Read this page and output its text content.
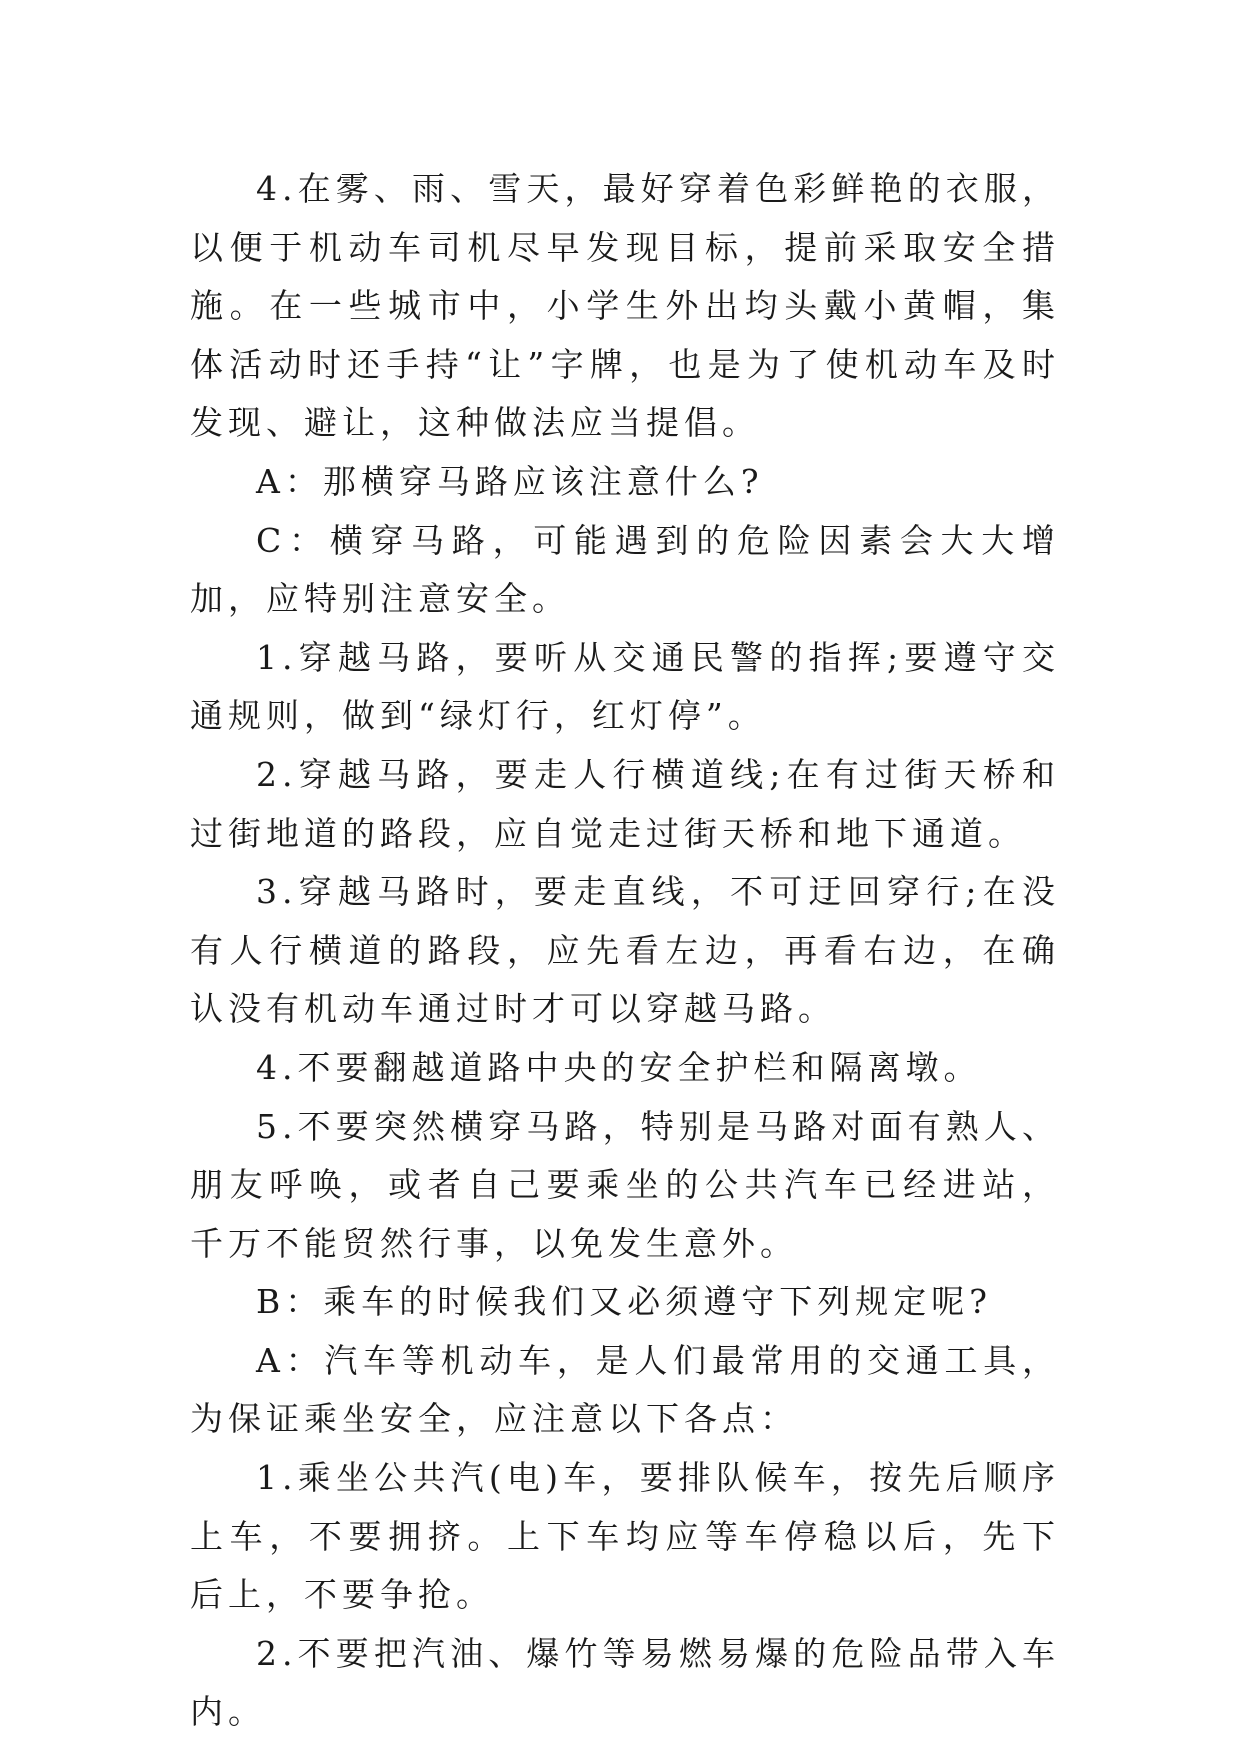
4.在雾、雨、雪天，最好穿着色彩鲜艳的衣服，以便于机动车司机尽早发现目标，提前采取安全措施。在一些城市中，小学生外出均头戴小黄帽，集体活动时还手持“让”字牌，也是为了使机动车及时发现、避让，这种做法应当提倡。

A：那横穿马路应该注意什么?

C：横穿马路，可能遇到的危险因素会大大增加，应特别注意安全。

1.穿越马路，要听从交通民警的指挥;要遵守交通规则，做到“绿灯行，红灯停”。

2.穿越马路，要走人行横道线;在有过街天桥和过街地道的路段，应自觉走过街天桥和地下通道。

3.穿越马路时，要走直线，不可迂回穿行;在没有人行横道的路段，应先看左边，再看右边，在确认没有机动车通过时才可以穿越马路。

4.不要翻越道路中央的安全护栏和隔离墩。

5.不要突然横穿马路，特别是马路对面有熟人、朋友呼唤，或者自己要乘坐的公共汽车已经进站，千万不能贸然行事，以免发生意外。

B：乘车的时候我们又必须遵守下列规定呢?

A：汽车等机动车，是人们最常用的交通工具，为保证乘坐安全，应注意以下各点：

1.乘坐公共汽(电)车，要排队候车，按先后顺序上车，不要拥挤。上下车均应等车停稳以后，先下后上，不要争抢。

2.不要把汽油、爆竹等易燃易爆的危险品带入车内。
